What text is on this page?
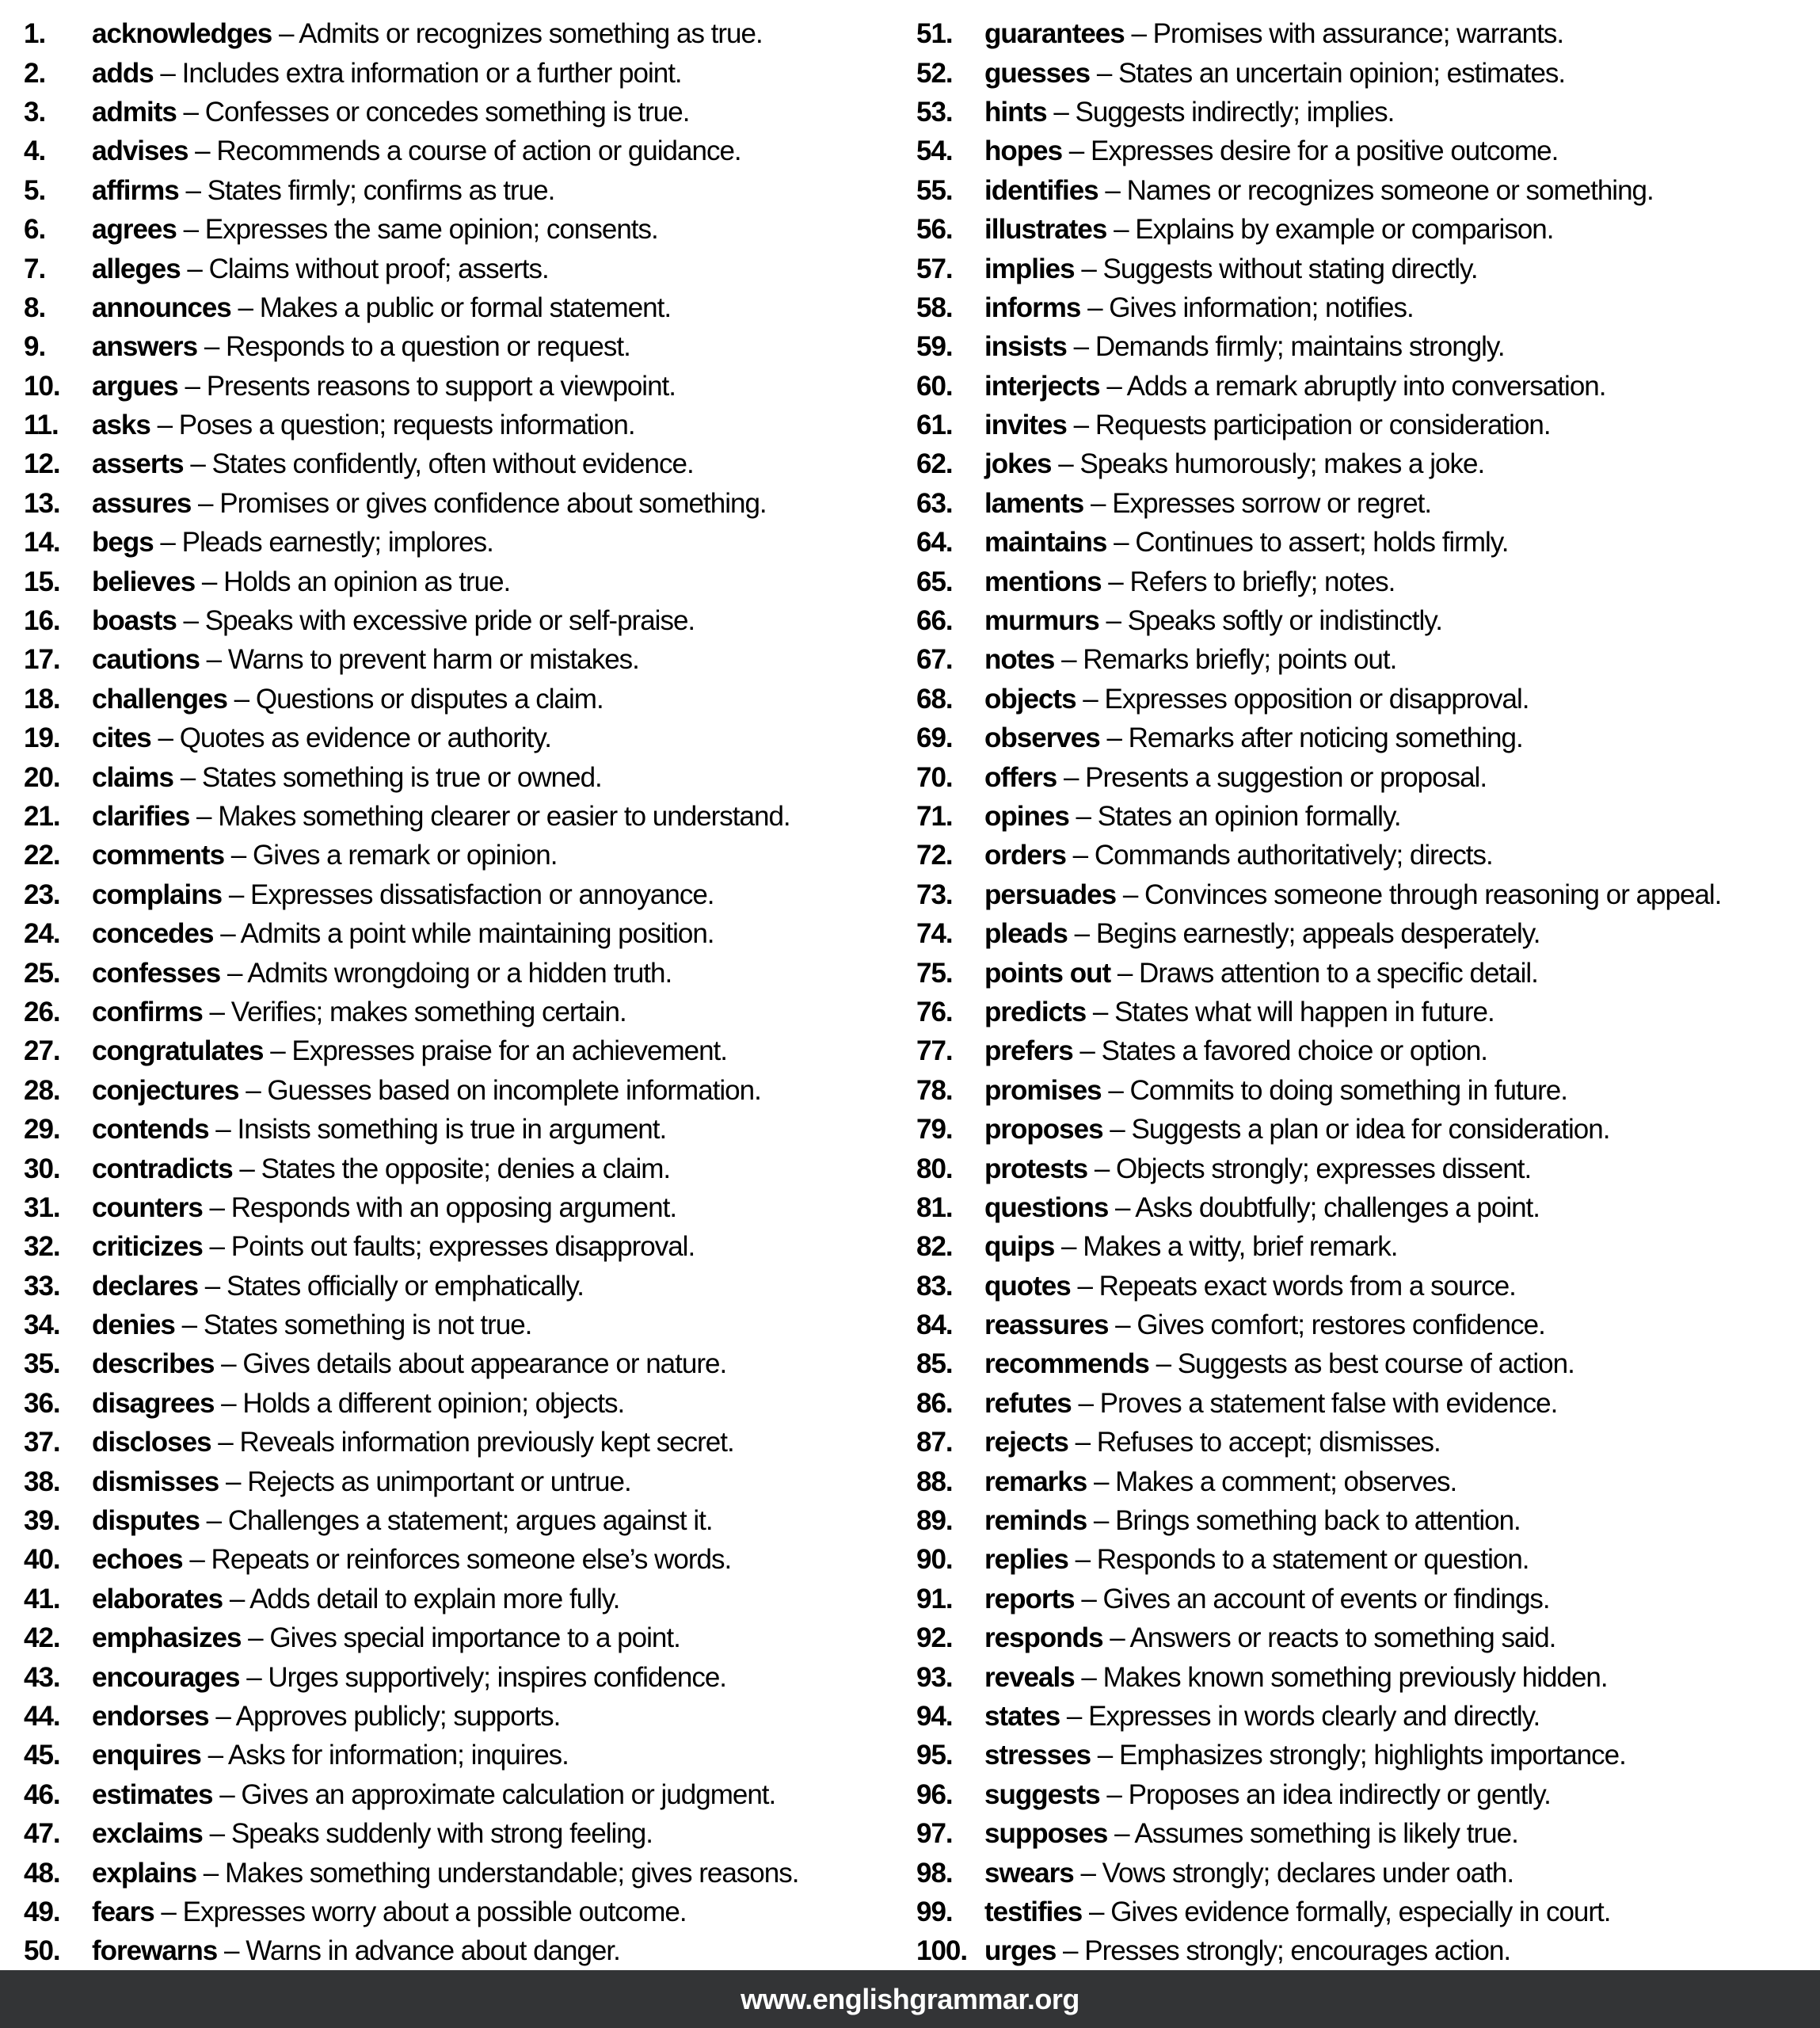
1.	acknowledges – Admits or recognizes something as true.
2.	adds – Includes extra information or a further point.
3.	admits – Confesses or concedes something is true.
4.	advises – Recommends a course of action or guidance.
5.	affirms – States firmly; confirms as true.
6.	agrees – Expresses the same opinion; consents.
7.	alleges – Claims without proof; asserts.
8.	announces – Makes a public or formal statement.
9.	answers – Responds to a question or request.
10.	argues – Presents reasons to support a viewpoint.
11.	asks – Poses a question; requests information.
12.	asserts – States confidently, often without evidence.
13.	assures – Promises or gives confidence about something.
14.	begs – Pleads earnestly; implores.
15.	believes – Holds an opinion as true.
16.	boasts – Speaks with excessive pride or self-praise.
17.	cautions – Warns to prevent harm or mistakes.
18.	challenges – Questions or disputes a claim.
19.	cites – Quotes as evidence or authority.
20.	claims – States something is true or owned.
21.	clarifies – Makes something clearer or easier to understand.
22.	comments – Gives a remark or opinion.
23.	complains – Expresses dissatisfaction or annoyance.
24.	concedes – Admits a point while maintaining position.
25.	confesses – Admits wrongdoing or a hidden truth.
26.	confirms – Verifies; makes something certain.
27.	congratulates – Expresses praise for an achievement.
28.	conjectures – Guesses based on incomplete information.
29.	contends – Insists something is true in argument.
30.	contradicts – States the opposite; denies a claim.
31.	counters – Responds with an opposing argument.
32.	criticizes – Points out faults; expresses disapproval.
33.	declares – States officially or emphatically.
34.	denies – States something is not true.
35.	describes – Gives details about appearance or nature.
36.	disagrees – Holds a different opinion; objects.
37.	discloses – Reveals information previously kept secret.
38.	dismisses – Rejects as unimportant or untrue.
39.	disputes – Challenges a statement; argues against it.
40.	echoes – Repeats or reinforces someone else’s words.
41.	elaborates – Adds detail to explain more fully.
42.	emphasizes – Gives special importance to a point.
43.	encourages – Urges supportively; inspires confidence.
44.	endorses – Approves publicly; supports.
45.	enquires – Asks for information; inquires.
46.	estimates – Gives an approximate calculation or judgment.
47.	exclaims – Speaks suddenly with strong feeling.
48.	explains – Makes something understandable; gives reasons.
49.	fears – Expresses worry about a possible outcome.
50.	forewarns – Warns in advance about danger.
51.	guarantees – Promises with assurance; warrants.
52.	guesses – States an uncertain opinion; estimates.
53.	hints – Suggests indirectly; implies.
54.	hopes – Expresses desire for a positive outcome.
55.	identifies – Names or recognizes someone or something.
56.	illustrates – Explains by example or comparison.
57.	implies – Suggests without stating directly.
58.	informs – Gives information; notifies.
59.	insists – Demands firmly; maintains strongly.
60.	interjects – Adds a remark abruptly into conversation.
61.	invites – Requests participation or consideration.
62.	jokes – Speaks humorously; makes a joke.
63.	laments – Expresses sorrow or regret.
64.	maintains – Continues to assert; holds firmly.
65.	mentions – Refers to briefly; notes.
66.	murmurs – Speaks softly or indistinctly.
67.	notes – Remarks briefly; points out.
68.	objects – Expresses opposition or disapproval.
69.	observes – Remarks after noticing something.
70.	offers – Presents a suggestion or proposal.
71.	opines – States an opinion formally.
72.	orders – Commands authoritatively; directs.
73.	persuades – Convinces someone through reasoning or appeal.
74.	pleads – Begins earnestly; appeals desperately.
75.	points out – Draws attention to a specific detail.
76.	predicts – States what will happen in future.
77.	prefers – States a favored choice or option.
78.	promises – Commits to doing something in future.
79.	proposes – Suggests a plan or idea for consideration.
80.	protests – Objects strongly; expresses dissent.
81.	questions – Asks doubtfully; challenges a point.
82.	quips – Makes a witty, brief remark.
83.	quotes – Repeats exact words from a source.
84.	reassures – Gives comfort; restores confidence.
85.	recommends – Suggests as best course of action.
86.	refutes – Proves a statement false with evidence.
87.	rejects – Refuses to accept; dismisses.
88.	remarks – Makes a comment; observes.
89.	reminds – Brings something back to attention.
90.	replies – Responds to a statement or question.
91.	reports – Gives an account of events or findings.
92.	responds – Answers or reacts to something said.
93.	reveals – Makes known something previously hidden.
94.	states – Expresses in words clearly and directly.
95.	stresses – Emphasizes strongly; highlights importance.
96.	suggests – Proposes an idea indirectly or gently.
97.	supposes – Assumes something is likely true.
98.	swears – Vows strongly; declares under oath.
99.	testifies – Gives evidence formally, especially in court.
100. urges – Presses strongly; encourages action.
www.englishgrammar.org
